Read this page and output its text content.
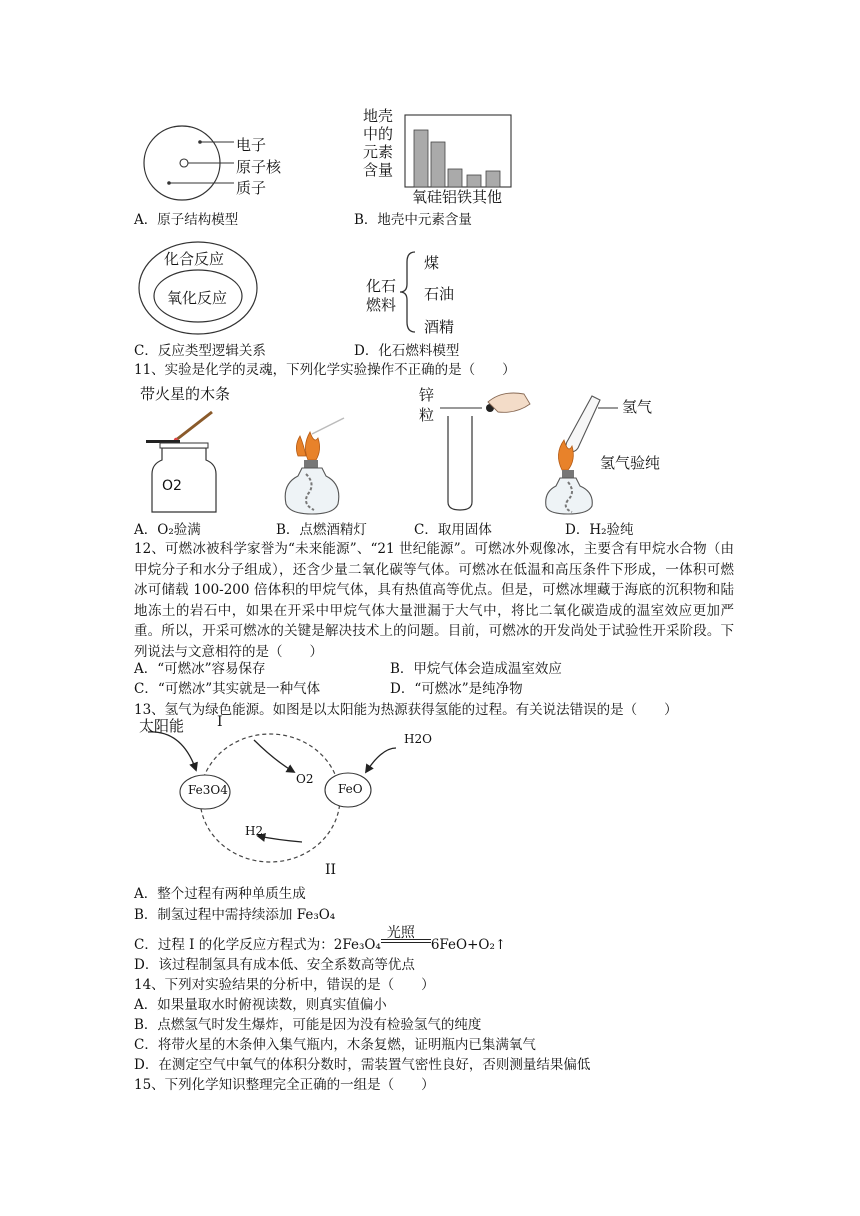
电子
原子核
质子
A．原子结构模型
地壳
中的
元素
含量
氧硅铝铁其他
B．地壳中元素含量
化合反应
氧化反应
C．反应类型逻辑关系
化石
燃料
煤
石油
酒精
D．化石燃料模型
11、实验是化学的灵魂，下列化学实验操作不正确的是（　　）
带火星的木条
O2
锌
粒	氢气
氢气验纯
A．O₂验满	B．点燃酒精灯	C．取用固体	D．H₂验纯
12、可燃冰被科学家誉为“未来能源”、“21 世纪能源”。可燃冰外观像冰，主要含有甲烷水合物（由甲烷分子和水分子组成），还含少量二氧化碳等气体。可燃冰在低温和高压条件下形成，一体积可燃冰可储载 100-200 倍体积的甲烷气体，具有热值高等优点。但是，可燃冰埋藏于海底的沉积物和陆地冻土的岩石中，如果在开采中甲烷气体大量泄漏于大气中，将比二氧化碳造成的温室效应更加严重。所以，开采可燃冰的关键是解决技术上的问题。目前，可燃冰的开发尚处于试验性开采阶段。下列说法与文意相符的是（　　）
A．“可燃冰”容易保存	B．甲烷气体会造成温室效应
C．“可燃冰”其实就是一种气体	D．“可燃冰”是纯净物
13、氢气为绿色能源。如图是以太阳能为热源获得氢能的过程。有关说法错误的是（　　）
太阳能 I
O2
H2O
Fe3O4	FeO
H2
II
A．整个过程有两种单质生成
B．制氢过程中需持续添加 Fe₃O₄
C．过程 I 的化学反应方程式为：2Fe₃O₄
光照
6FeO+O₂↑
D．该过程制氢具有成本低、安全系数高等优点
14、下列对实验结果的分析中，错误的是（　　）
A．如果量取水时俯视读数，则真实值偏小
B．点燃氢气时发生爆炸，可能是因为没有检验氢气的纯度
C．将带火星的木条伸入集气瓶内，木条复燃，证明瓶内已集满氧气
D．在测定空气中氧气的体积分数时，需装置气密性良好，否则测量结果偏低
15、下列化学知识整理完全正确的一组是（　　）
